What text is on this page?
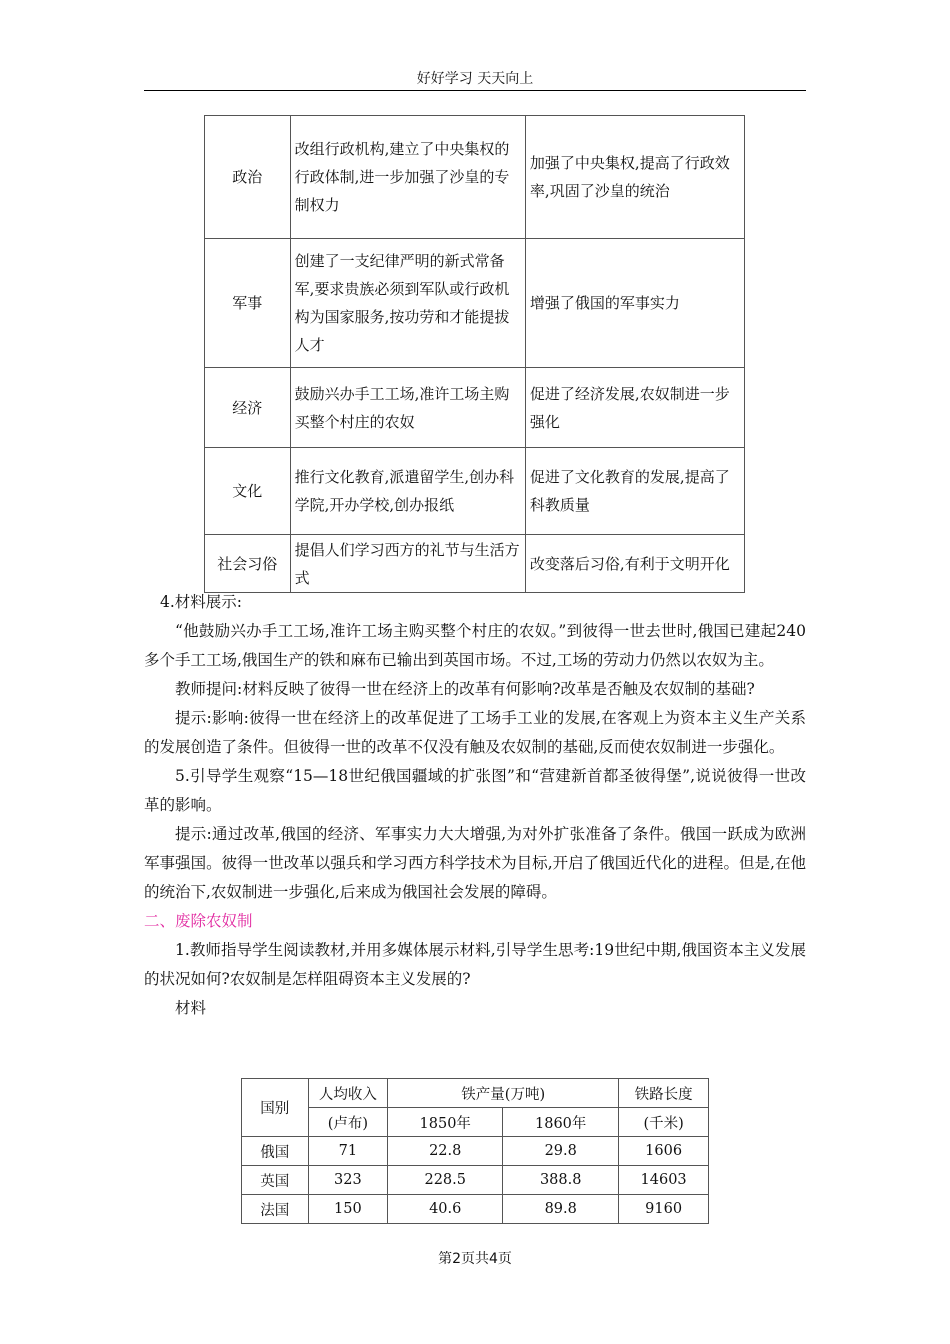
好好学习 天天向上
政治	改组行政机构,建立了中央集权的行政体制,进一步加强了沙皇的专制权力	加强了中央集权,提高了行政效率,巩固了沙皇的统治
军事	创建了一支纪律严明的新式常备军,要求贵族必须到军队或行政机构为国家服务,按功劳和才能提拔人才	增强了俄国的军事实力
经济	鼓励兴办手工工场,准许工场主购买整个村庄的农奴	促进了经济发展,农奴制进一步强化
文化	推行文化教育,派遣留学生,创办科学院,开办学校,创办报纸	促进了文化教育的发展,提高了科教质量
社会习俗	提倡人们学习西方的礼节与生活方式	改变落后习俗,有利于文明开化

4.材料展示:

“他鼓励兴办手工工场,准许工场主购买整个村庄的农奴。”到彼得一世去世时,俄国已建起240多个手工工场,俄国生产的铁和麻布已输出到英国市场。不过,工场的劳动力仍然以农奴为主。

教师提问:材料反映了彼得一世在经济上的改革有何影响?改革是否触及农奴制的基础?

提示:影响:彼得一世在经济上的改革促进了工场手工业的发展,在客观上为资本主义生产关系的发展创造了条件。但彼得一世的改革不仅没有触及农奴制的基础,反而使农奴制进一步强化。

5.引导学生观察“15—18世纪俄国疆域的扩张图”和“营建新首都圣彼得堡”,说说彼得一世改革的影响。

提示:通过改革,俄国的经济、军事实力大大增强,为对外扩张准备了条件。俄国一跃成为欧洲军事强国。彼得一世改革以强兵和学习西方科学技术为目标,开启了俄国近代化的进程。但是,在他的统治下,农奴制进一步强化,后来成为俄国社会发展的障碍。

二、废除农奴制

1.教师指导学生阅读教材,并用多媒体展示材料,引导学生思考:19世纪中期,俄国资本主义发展的状况如何?农奴制是怎样阻碍资本主义发展的?

材料

国别	人均收入	铁产量(万吨)		铁路长度
	(卢布)	1850年	1860年	(千米)
俄国	71	22.8	29.8	1606
英国	323	228.5	388.8	14603
法国	150	40.6	89.8	9160
第2页共4页
